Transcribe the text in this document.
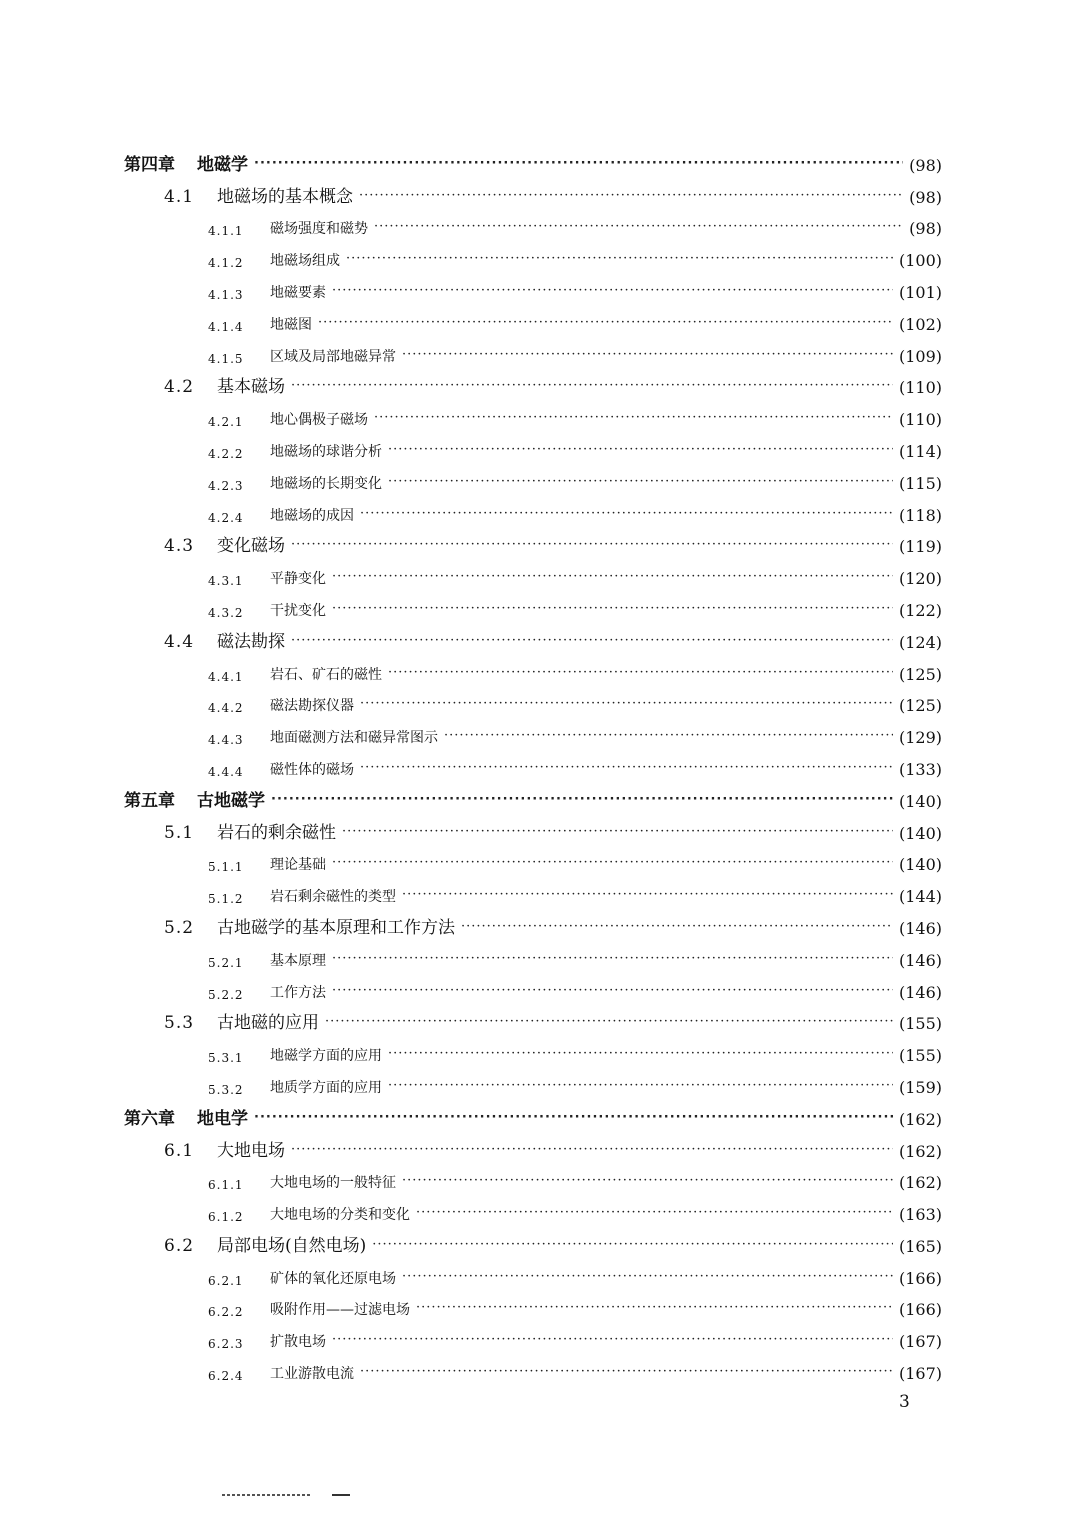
第四章 地磁学 ·····	(98)
4.1	地磁场的基本概念 ·····	(98)
4.1.1	磁场强度和磁势 ·····	(98)
4.1.2	地磁场组成 ·····	(100)
4.1.3	地磁要素 ·····	(101)
4.1.4	地磁图 ·····	(102)
4.1.5	区域及局部地磁异常 ·····	(109)
4.2	基本磁场 ·····	(110)
4.2.1	地心偶极子磁场 ·····	(110)
4.2.2	地磁场的球谐分析 ·····	(114)
4.2.3	地磁场的长期变化 ·····	(115)
4.2.4	地磁场的成因 ·····	(118)
4.3	变化磁场 ·····	(119)
4.3.1	平静变化 ·····	(120)
4.3.2	干扰变化 ·····	(122)
4.4	磁法勘探 ·····	(124)
4.4.1	岩石、矿石的磁性 ·····	(125)
4.4.2	磁法勘探仪器 ·····	(125)
4.4.3	地面磁测方法和磁异常图示 ·····	(129)
4.4.4	磁性体的磁场 ·····	(133)
第五章 古地磁学 ·····	(140)
5.1	岩石的剩余磁性 ·····	(140)
5.1.1	理论基础 ·····	(140)
5.1.2	岩石剩余磁性的类型 ·····	(144)
5.2	古地磁学的基本原理和工作方法 ·····	(146)
5.2.1	基本原理 ·····	(146)
5.2.2	工作方法 ·····	(146)
5.3	古地磁的应用 ·····	(155)
5.3.1	地磁学方面的应用 ·····	(155)
5.3.2	地质学方面的应用 ·····	(159)
第六章 地电学 ·····	(162)
6.1	大地电场 ·····	(162)
6.1.1	大地电场的一般特征 ·····	(162)
6.1.2	大地电场的分类和变化 ·····	(163)
6.2	局部电场(自然电场) ·····	(165)
6.2.1	矿体的氧化还原电场 ·····	(166)
6.2.2	吸附作用——过滤电场 ·····	(166)
6.2.3	扩散电场 ·····	(167)
6.2.4	工业游散电流 ·····	(167)
3
